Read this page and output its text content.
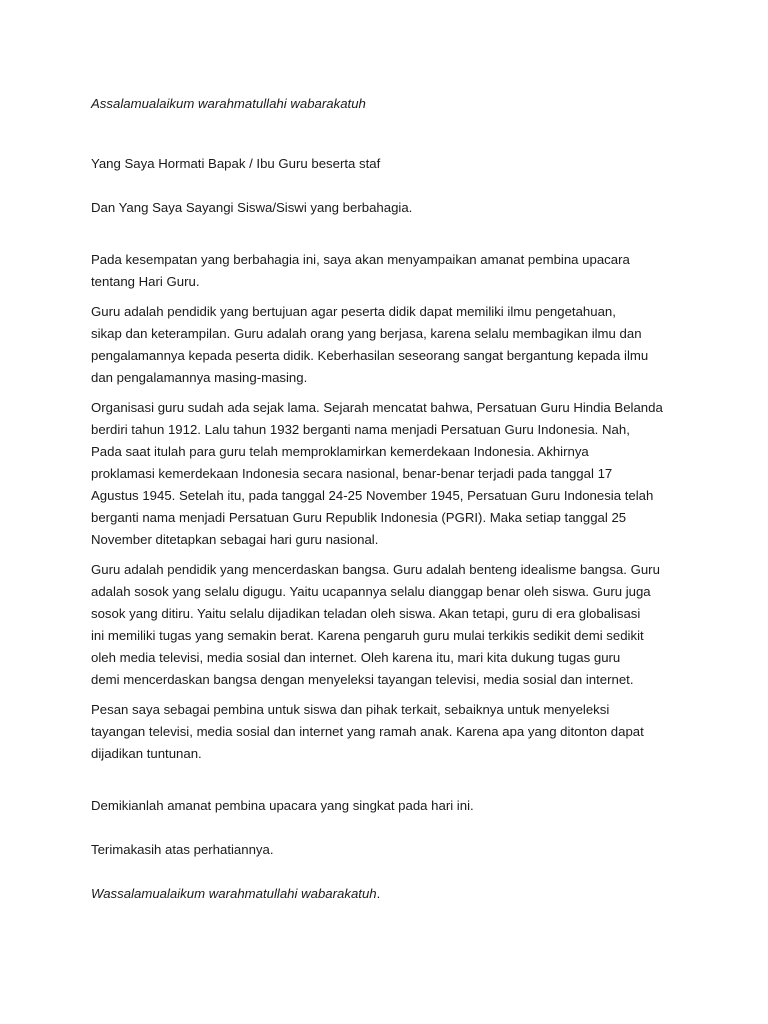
Assalamualaikum warahmatullahi wabarakatuh

Yang Saya Hormati Bapak / Ibu Guru beserta staf

Dan Yang Saya Sayangi Siswa/Siswi yang berbahagia.

Pada kesempatan yang berbahagia ini, saya akan menyampaikan amanat pembina upacara
tentang Hari Guru.

Guru adalah pendidik yang bertujuan agar peserta didik dapat memiliki ilmu pengetahuan,
sikap dan keterampilan. Guru adalah orang yang berjasa, karena selalu membagikan ilmu dan
pengalamannya kepada peserta didik. Keberhasilan seseorang sangat bergantung kepada ilmu
dan pengalamannya masing-masing.

Organisasi guru sudah ada sejak lama. Sejarah mencatat bahwa, Persatuan Guru Hindia Belanda
berdiri tahun 1912. Lalu tahun 1932 berganti nama menjadi Persatuan Guru Indonesia. Nah,
Pada saat itulah para guru telah memproklamirkan kemerdekaan Indonesia. Akhirnya
proklamasi kemerdekaan Indonesia secara nasional, benar-benar terjadi pada tanggal 17
Agustus 1945. Setelah itu, pada tanggal 24-25 November 1945, Persatuan Guru Indonesia telah
berganti nama menjadi Persatuan Guru Republik Indonesia (PGRI). Maka setiap tanggal 25
November ditetapkan sebagai hari guru nasional.

Guru adalah pendidik yang mencerdaskan bangsa. Guru adalah benteng idealisme bangsa. Guru
adalah sosok yang selalu digugu. Yaitu ucapannya selalu dianggap benar oleh siswa. Guru juga
sosok yang ditiru. Yaitu selalu dijadikan teladan oleh siswa. Akan tetapi, guru di era globalisasi
ini memiliki tugas yang semakin berat. Karena pengaruh guru mulai terkikis sedikit demi sedikit
oleh media televisi, media sosial dan internet. Oleh karena itu, mari kita dukung tugas guru
demi mencerdaskan bangsa dengan menyeleksi tayangan televisi, media sosial dan internet.

Pesan saya sebagai pembina untuk siswa dan pihak terkait, sebaiknya untuk menyeleksi
tayangan televisi, media sosial dan internet yang ramah anak. Karena apa yang ditonton dapat
dijadikan tuntunan.

Demikianlah amanat pembina upacara yang singkat pada hari ini.

Terimakasih atas perhatiannya.

Wassalamualaikum warahmatullahi wabarakatuh.
